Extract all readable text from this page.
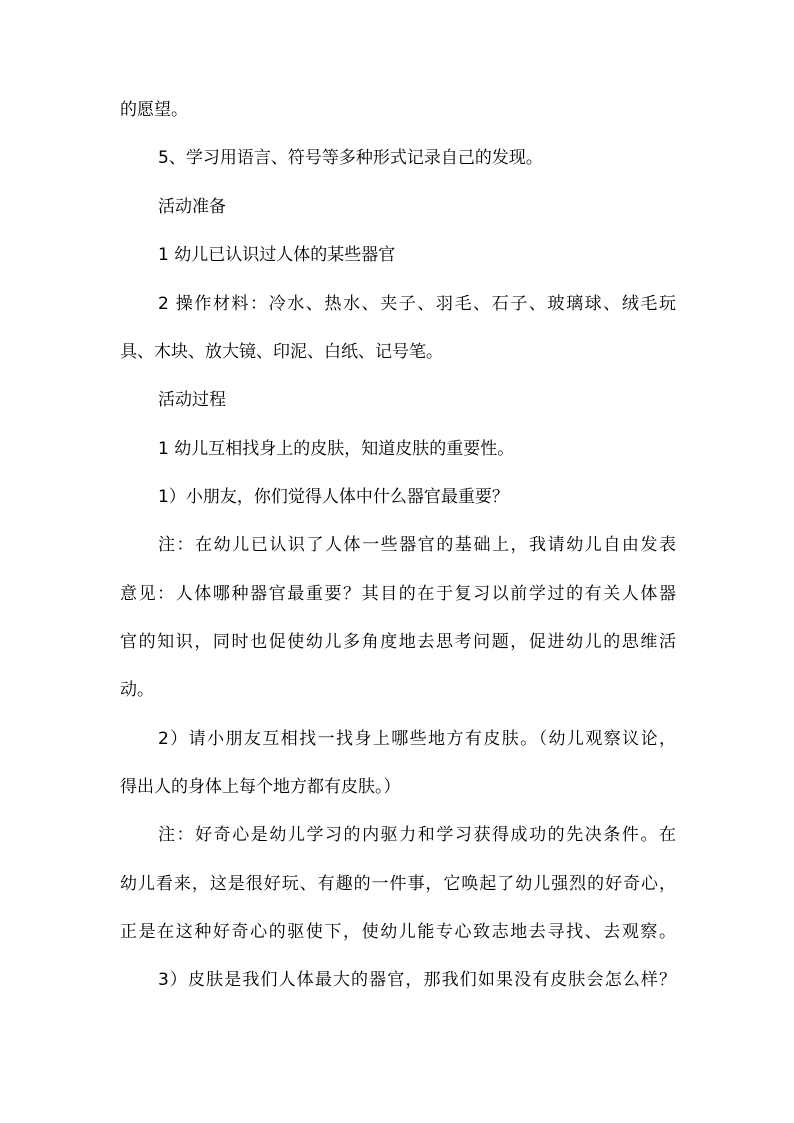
的愿望。
5、学习用语言、符号等多种形式记录自己的发现。
活动准备
1 幼儿已认识过人体的某些器官
2 操作材料：冷水、热水、夹子、羽毛、石子、玻璃球、绒毛玩
具、木块、放大镜、印泥、白纸、记号笔。
活动过程
1 幼儿互相找身上的皮肤，知道皮肤的重要性。
1）小朋友，你们觉得人体中什么器官最重要？
注：在幼儿已认识了人体一些器官的基础上，我请幼儿自由发表
意见：人体哪种器官最重要？其目的在于复习以前学过的有关人体器
官的知识，同时也促使幼儿多角度地去思考问题，促进幼儿的思维活
动。
2）请小朋友互相找一找身上哪些地方有皮肤。（幼儿观察议论，
得出人的身体上每个地方都有皮肤。）
注：好奇心是幼儿学习的内驱力和学习获得成功的先决条件。在
幼儿看来，这是很好玩、有趣的一件事，它唤起了幼儿强烈的好奇心，
正是在这种好奇心的驱使下，使幼儿能专心致志地去寻找、去观察。
3）皮肤是我们人体最大的器官，那我们如果没有皮肤会怎么样？
